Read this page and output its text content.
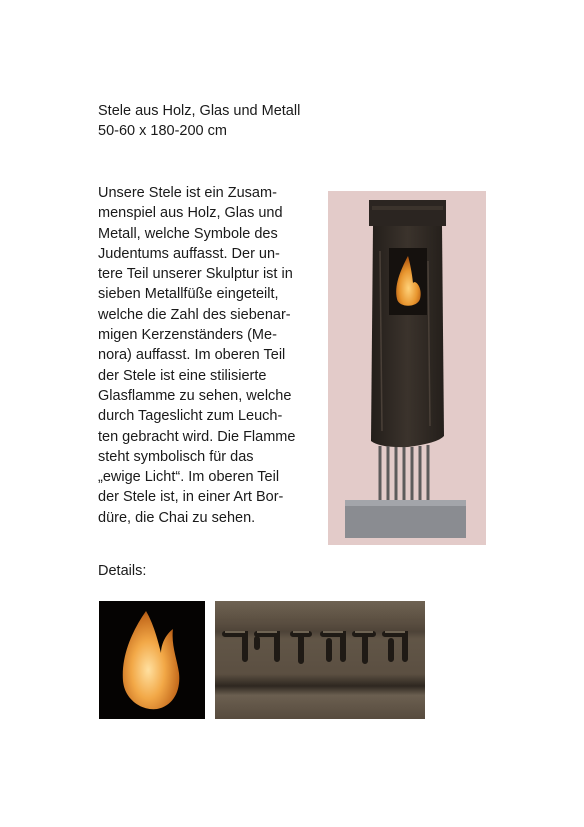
Stele aus Holz, Glas und Metall
50-60 x 180-200 cm
Unsere Stele ist ein Zusam-
menspiel aus Holz, Glas und
Metall, welche Symbole des
Judentums auffasst. Der un-
tere Teil unserer Skulptur ist in
sieben Metallfüße eingeteilt,
welche die Zahl des siebenar-
migen Kerzenständers (Me-
nora) auffasst. Im oberen Teil
der Stele ist eine stilisierte
Glasflamme zu sehen, welche
durch Tageslicht zum Leuch-
ten gebracht wird. Die Flamme
steht symbolisch für das
„ewige Licht“. Im oberen Teil
der Stele ist, in einer Art Bor-
düre, die Chai zu sehen.
Details:
